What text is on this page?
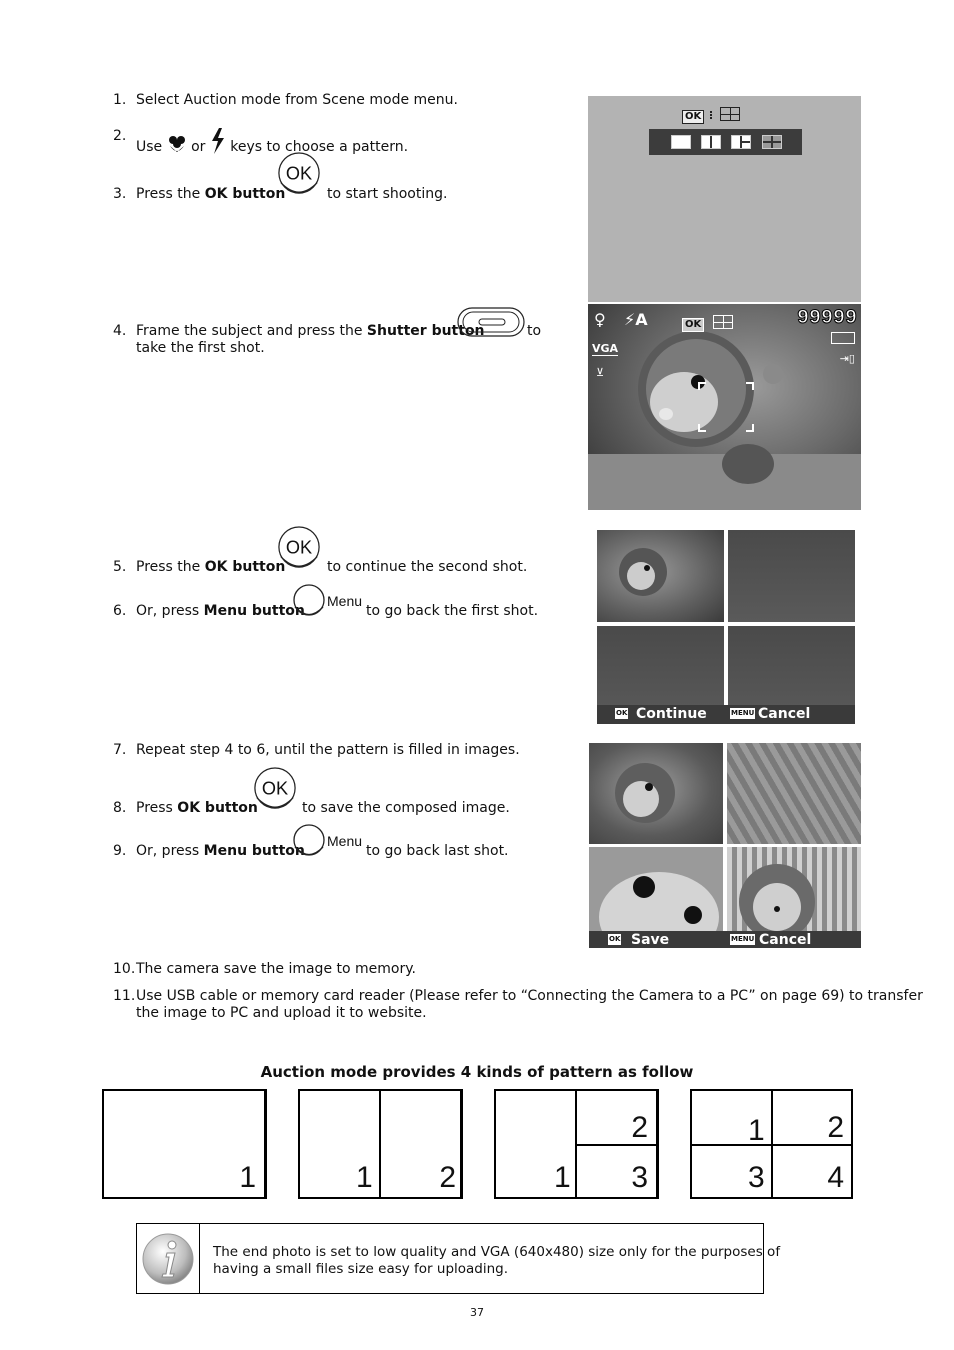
1. Select Auction mode from Scene mode menu.
2.
Use or keys to choose a pattern.
3. Press the OK button
OK
to start shooting.
OK
4. Frame the subject and press the Shutter button	to
take the first shot.
OK
♀ ⚡A	99999
VGA
⇥▯
⊻
OK
5. Press the OK button	to continue the second shot.
6. Or, press Menu button
Menu
to go back the first shot.
OK Continue	MENU Cancel
7. Repeat step 4 to 6, until the pattern is filled in images.
OK
8. Press OK button	to save the composed image.
9. Or, press Menu button
Menu
to go back last shot.
OK Save	MENU Cancel
10. The camera save the image to memory.
11. Use USB cable or memory card reader (Please refer to “Connecting the Camera to a PC” on page 69) to transfer
the image to PC and upload it to website.
Auction mode provides 4 kinds of pattern as follow
1	1 2	1
2
3
1 2
3 4
The end photo is set to low quality and VGA (640x480) size only for the purposes of
having a small files size easy for uploading.
37
